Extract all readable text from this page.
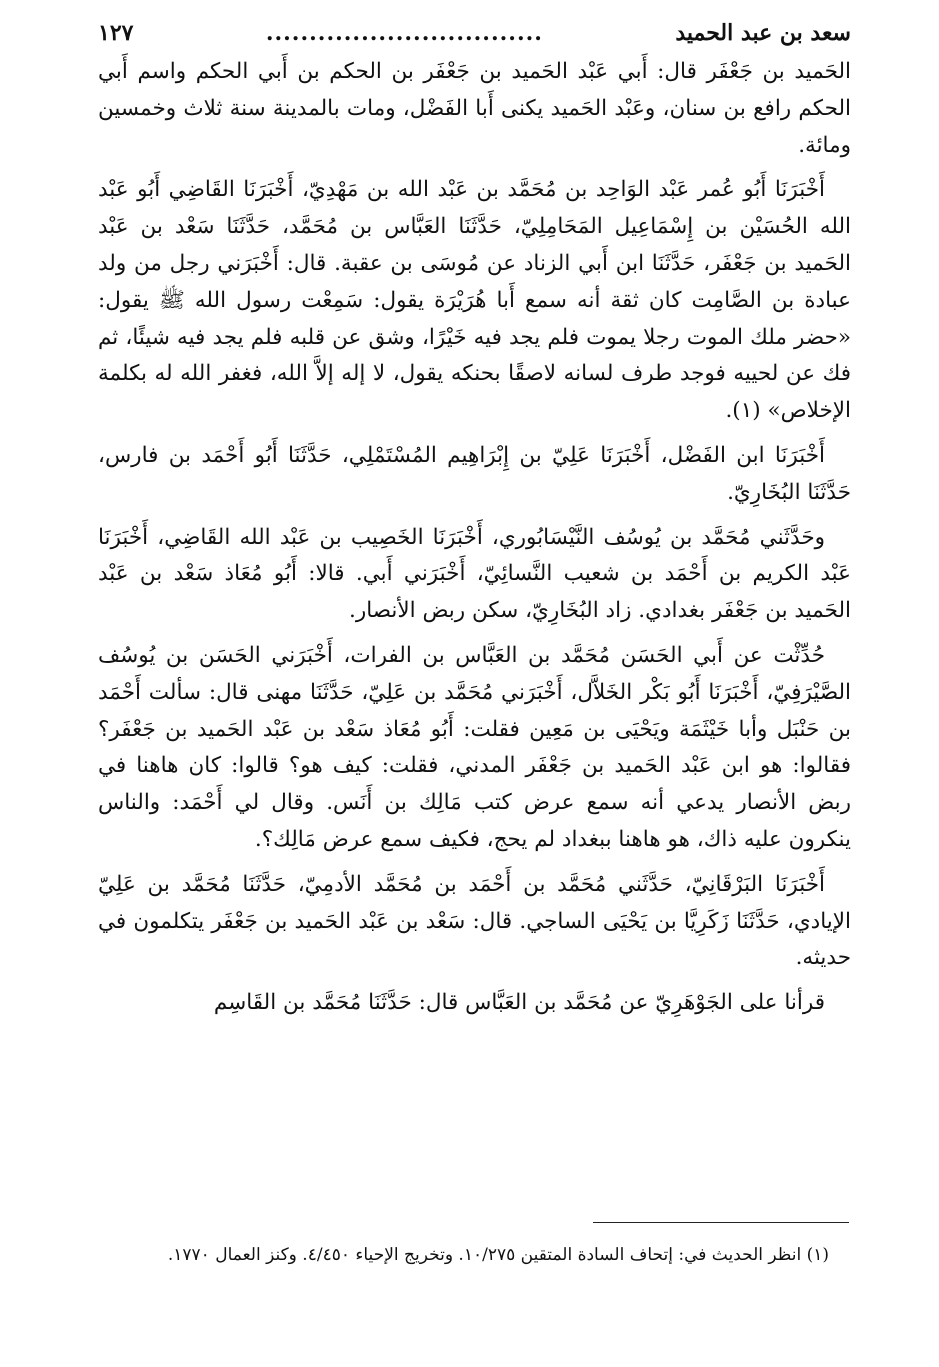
سعد بن عبد الحميد
................................
١٢٧

الحَميد بن جَعْفَر قال: أَبي عَبْد الحَميد بن جَعْفَر بن الحكم بن أَبي الحكم واسم أَبي الحكم رافع بن سنان، وعَبْد الحَميد يكنى أَبا الفَضْل، ومات بالمدينة سنة ثلاث وخمسين ومائة.

أَخْبَرَنَا أَبُو عُمر عَبْد الوَاحِد بن مُحَمَّد بن عَبْد الله بن مَهْدِيّ، أَخْبَرَنَا القَاضِي أَبُو عَبْد الله الحُسَيْن بن إِسْمَاعِيل المَحَامِلِيّ، حَدَّثَنَا العَبَّاس بن مُحَمَّد، حَدَّثَنَا سَعْد بن عَبْد الحَميد بن جَعْفَر، حَدَّثَنَا ابن أَبي الزناد عن مُوسَى بن عقبة. قال: أَخْبَرَني رجل من ولد عبادة بن الصَّامِت كان ثقة أنه سمع أَبا هُرَيْرَة يقول: سَمِعْت رسول الله ﷺ يقول: «حضر ملك الموت رجلا يموت فلم يجد فيه خَيْرًا، وشق عن قلبه فلم يجد فيه شيئًا، ثم فك عن لحييه فوجد طرف لسانه لاصقًا بحنكه يقول، لا إله إلاَّ الله، فغفر الله له بكلمة الإخلاص» (١).

أَخْبَرَنَا ابن الفَضْل، أَخْبَرَنَا عَلِيّ بن إِبْرَاهِيم المُسْتَمْلِي، حَدَّثَنَا أَبُو أَحْمَد بن فارس، حَدَّثَنَا البُخَارِيّ.

وحَدَّثَني مُحَمَّد بن يُوسُف النَّيْسَابُوري، أَخْبَرَنَا الخَصِيب بن عَبْد الله القَاضِي، أَخْبَرَنَا عَبْد الكريم بن أَحْمَد بن شعيب النَّسائِيّ، أَخْبَرَني أَبي. قالا: أَبُو مُعَاذ سَعْد بن عَبْد الحَميد بن جَعْفَر بغدادي. زاد البُخَارِيّ، سكن ربض الأنصار.

حُدِّثْت عن أَبي الحَسَن مُحَمَّد بن العَبَّاس بن الفرات، أَخْبَرَني الحَسَن بن يُوسُف الصَّيْرَفِيّ، أَخْبَرَنَا أَبُو بَكْر الخَلاَّل، أَخْبَرَني مُحَمَّد بن عَلِيّ، حَدَّثَنَا مهنى قال: سألت أَحْمَد بن حَنْبَل وأبا خَيْثَمَة ويَحْيَى بن مَعِين فقلت: أَبُو مُعَاذ سَعْد بن عَبْد الحَميد بن جَعْفَر؟ فقالوا: هو ابن عَبْد الحَميد بن جَعْفَر المدني، فقلت: كيف هو؟ قالوا: كان هاهنا في ربض الأنصار يدعي أنه سمع عرض كتب مَالِك بن أَنَس. وقال لي أَحْمَد: والناس ينكرون عليه ذاك، هو هاهنا ببغداد لم يحج، فكيف سمع عرض مَالِك؟.

أَخْبَرَنَا البَرْقَانِيّ، حَدَّثَني مُحَمَّد بن أَحْمَد بن مُحَمَّد الأدمِيّ، حَدَّثَنَا مُحَمَّد بن عَلِيّ الإيادي، حَدَّثَنَا زَكَرِيَّا بن يَحْيَى الساجي. قال: سَعْد بن عَبْد الحَميد بن جَعْفَر يتكلمون في حديثه.

قرأنا على الجَوْهَرِيّ عن مُحَمَّد بن العَبَّاس قال: حَدَّثَنَا مُحَمَّد بن القَاسِم

(١) انظر الحديث في: إتحاف السادة المتقين ١٠/٢٧٥. وتخريج الإحياء ٤/٤٥٠. وكنز العمال ١٧٧٠.
